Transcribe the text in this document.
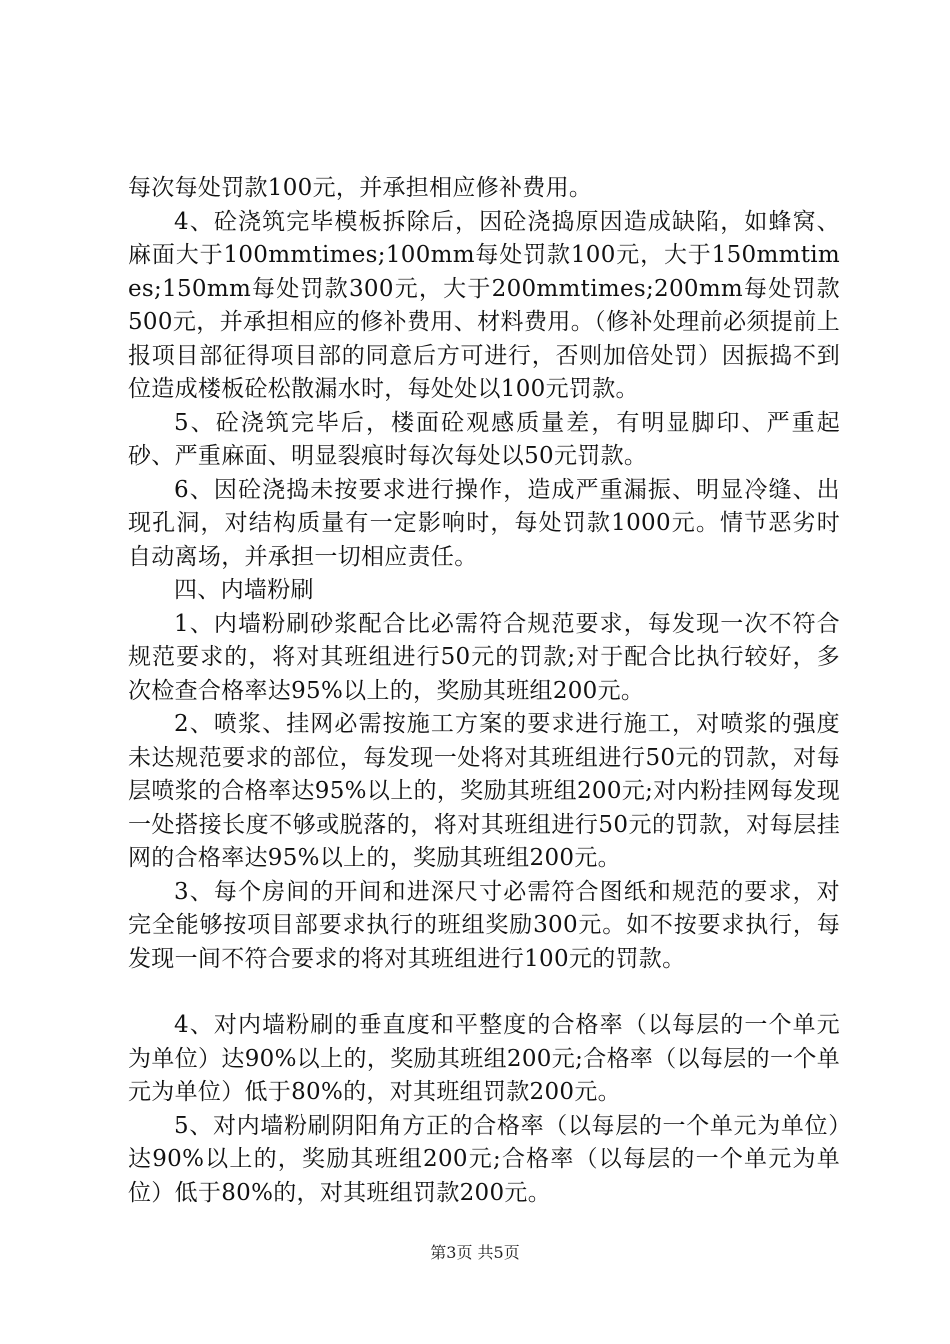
每次每处罚款100元，并承担相应修补费用。

4、砼浇筑完毕模板拆除后，因砼浇捣原因造成缺陷，如蜂窝、麻面大于100mmtimes;100mm每处罚款100元，大于150mmtimes;150mm每处罚款300元，大于200mmtimes;200mm每处罚款500元，并承担相应的修补费用、材料费用。（修补处理前必须提前上报项目部征得项目部的同意后方可进行，否则加倍处罚）因振捣不到位造成楼板砼松散漏水时，每处处以100元罚款。

5、砼浇筑完毕后，楼面砼观感质量差，有明显脚印、严重起砂、严重麻面、明显裂痕时每次每处以50元罚款。

6、因砼浇捣未按要求进行操作，造成严重漏振、明显冷缝、出现孔洞，对结构质量有一定影响时，每处罚款1000元。情节恶劣时自动离场，并承担一切相应责任。

四、内墙粉刷

1、内墙粉刷砂浆配合比必需符合规范要求，每发现一次不符合规范要求的，将对其班组进行50元的罚款;对于配合比执行较好，多次检查合格率达95%以上的，奖励其班组200元。

2、喷浆、挂网必需按施工方案的要求进行施工，对喷浆的强度未达规范要求的部位，每发现一处将对其班组进行50元的罚款，对每层喷浆的合格率达95%以上的，奖励其班组200元;对内粉挂网每发现一处搭接长度不够或脱落的，将对其班组进行50元的罚款，对每层挂网的合格率达95%以上的，奖励其班组200元。

3、每个房间的开间和进深尺寸必需符合图纸和规范的要求，对完全能够按项目部要求执行的班组奖励300元。如不按要求执行，每发现一间不符合要求的将对其班组进行100元的罚款。

4、对内墙粉刷的垂直度和平整度的合格率（以每层的一个单元为单位）达90%以上的，奖励其班组200元;合格率（以每层的一个单元为单位）低于80%的，对其班组罚款200元。

5、对内墙粉刷阴阳角方正的合格率（以每层的一个单元为单位）达90%以上的，奖励其班组200元;合格率（以每层的一个单元为单位）低于80%的，对其班组罚款200元。

第3页 共5页
